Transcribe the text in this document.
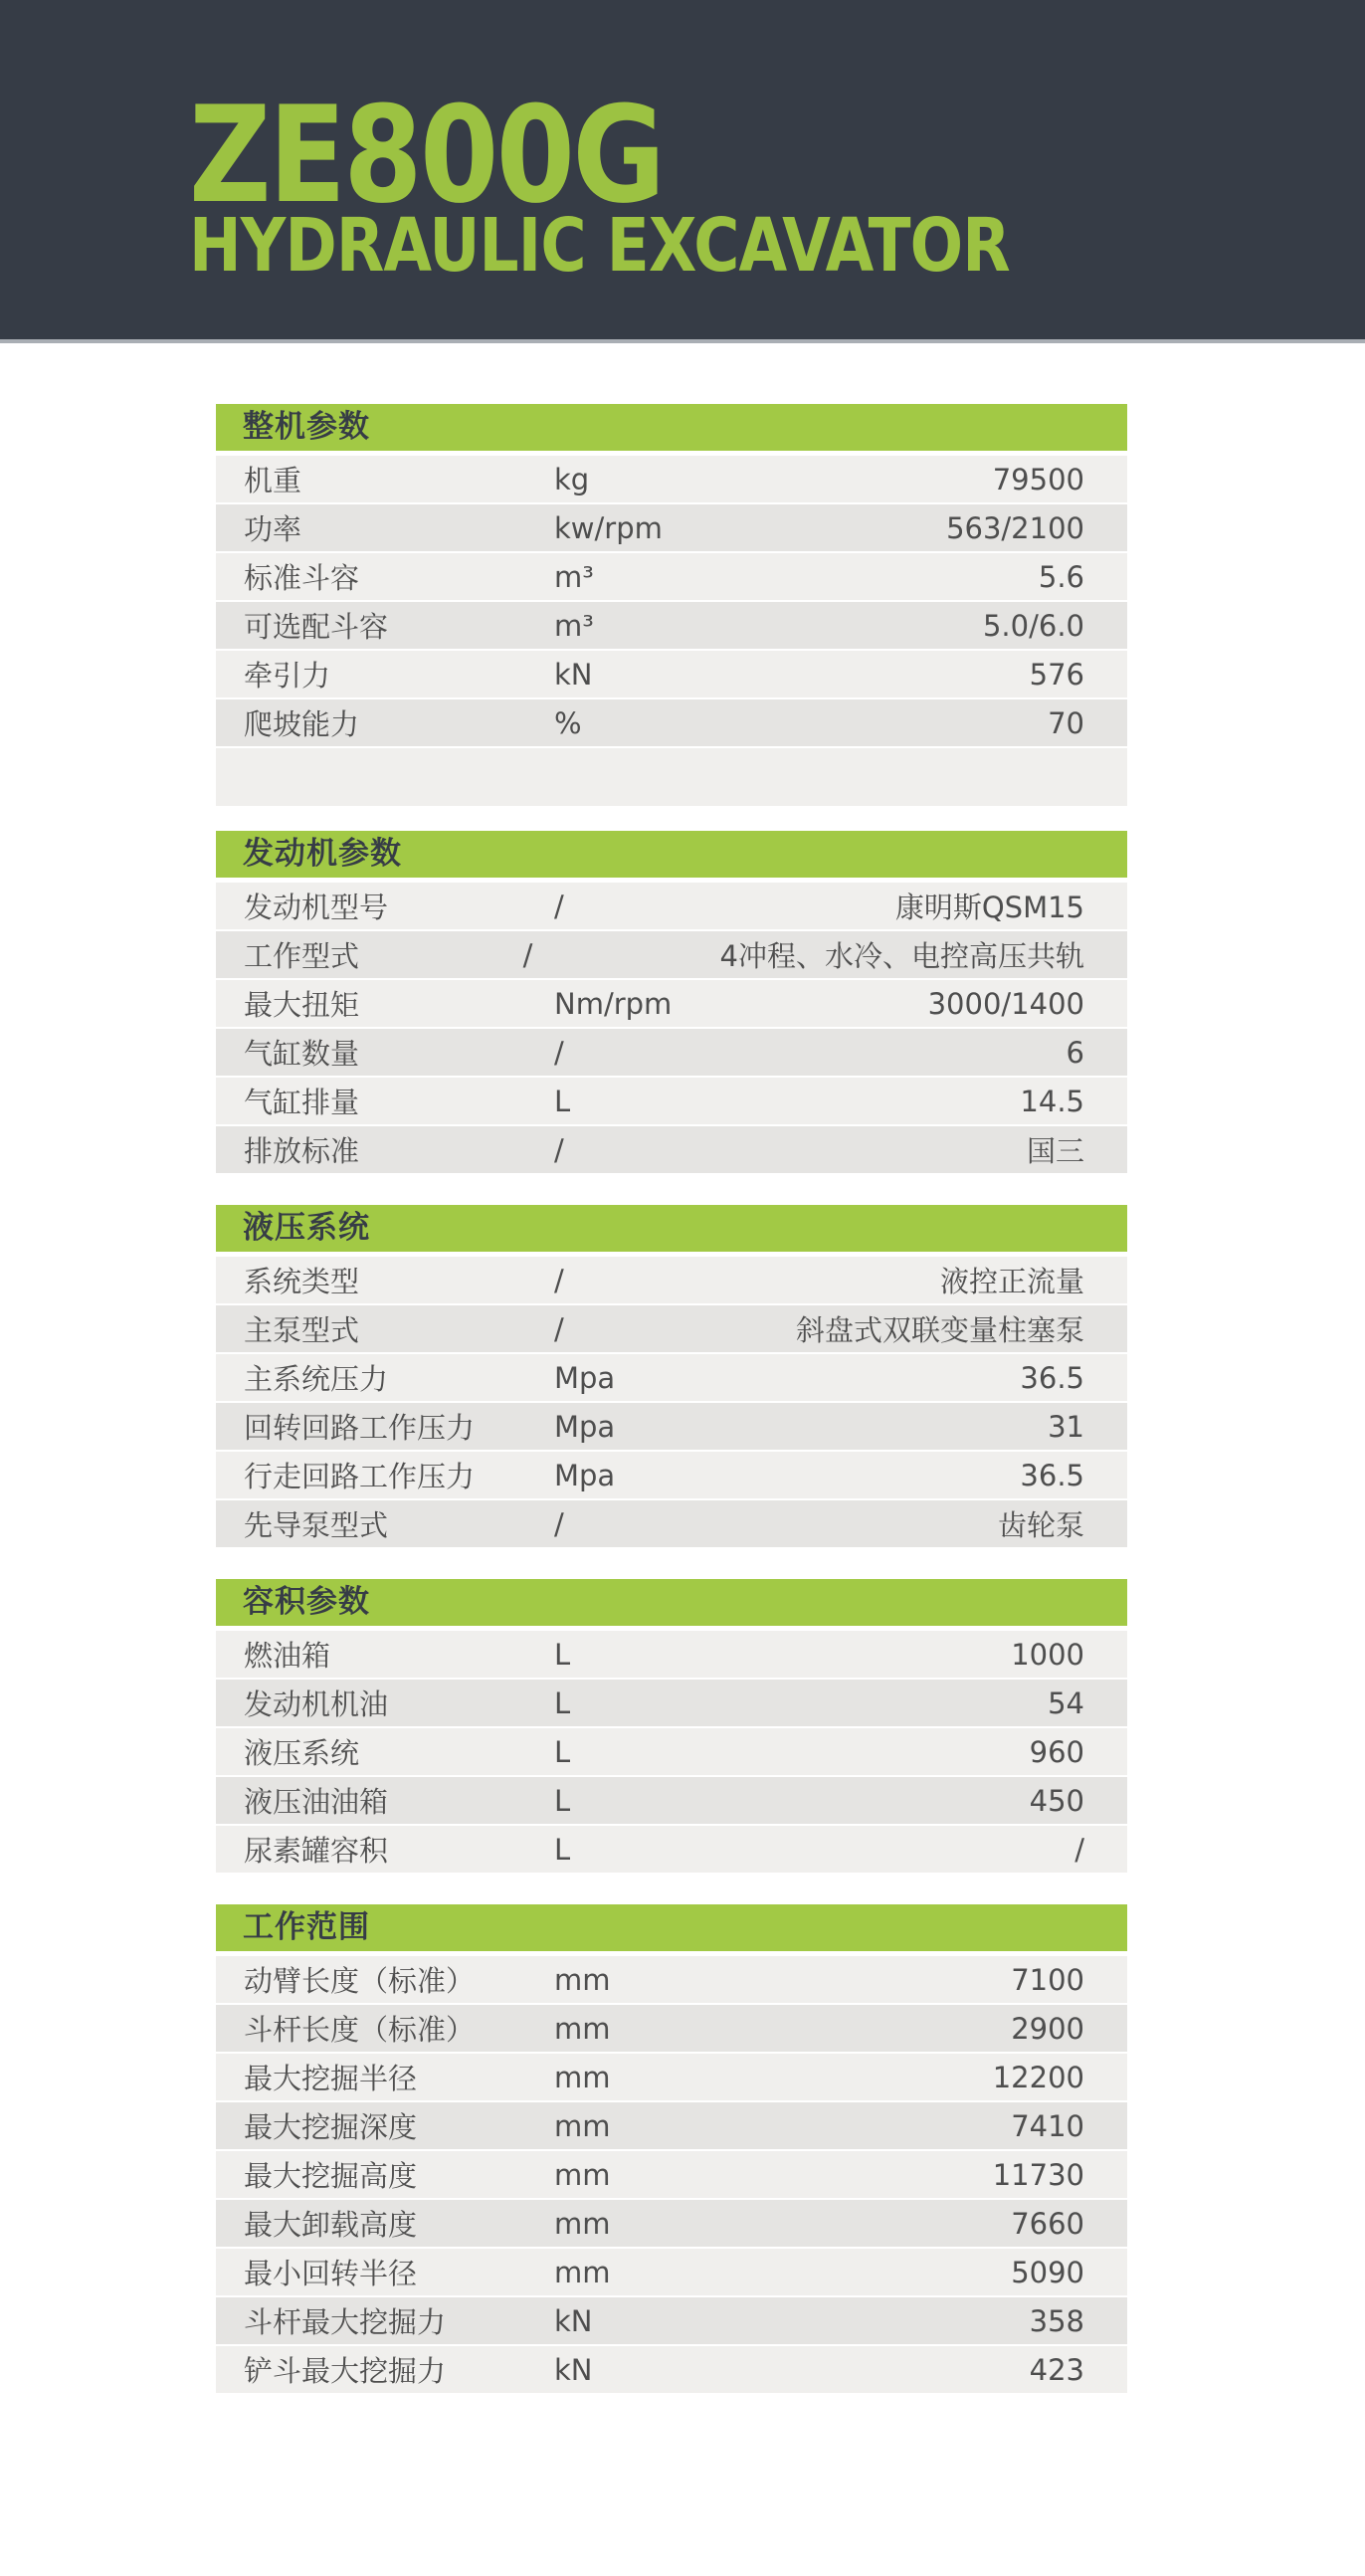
ZE800G
HYDRAULIC EXCAVATOR
整机参数
机重	kg	79500
功率	kw/rpm	563/2100
标准斗容	m³	5.6
可选配斗容	m³	5.0/6.0
牵引力	kN	576
爬坡能力	%	70
发动机参数
发动机型号	/	康明斯QSM15
工作型式	/	4冲程、水冷、电控高压共轨
最大扭矩	Nm/rpm	3000/1400
气缸数量	/	6
气缸排量	L	14.5
排放标准	/	国三
液压系统
系统类型	/	液控正流量
主泵型式	/	斜盘式双联变量柱塞泵
主系统压力	Mpa	36.5
回转回路工作压力	Mpa	31
行走回路工作压力	Mpa	36.5
先导泵型式	/	齿轮泵
容积参数
燃油箱	L	1000
发动机机油	L	54
液压系统	L	960
液压油油箱	L	450
尿素罐容积	L	/
工作范围
动臂长度（标准）	mm	7100
斗杆长度（标准）	mm	2900
最大挖掘半径	mm	12200
最大挖掘深度	mm	7410
最大挖掘高度	mm	11730
最大卸载高度	mm	7660
最小回转半径	mm	5090
斗杆最大挖掘力	kN	358
铲斗最大挖掘力	kN	423
